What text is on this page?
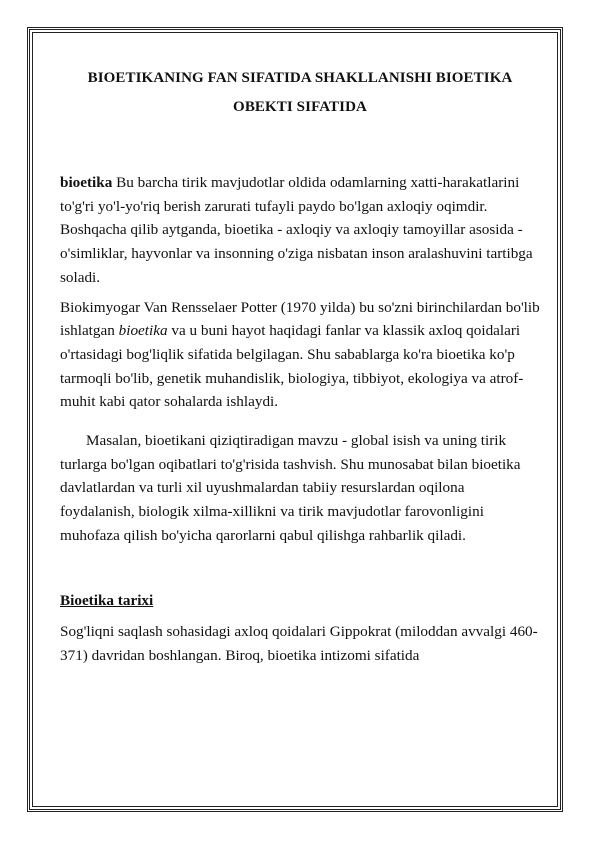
BIOETIKANING FAN SIFATIDA SHAKLLANISHI BIOETIKA OBEKTI SIFATIDA

bioetika Bu barcha tirik mavjudotlar oldida odamlarning xatti-harakatlarini to'g'ri yo'l-yo'riq berish zarurati tufayli paydo bo'lgan axloqiy oqimdir. Boshqacha qilib aytganda, bioetika - axloqiy va axloqiy tamoyillar asosida - o'simliklar, hayvonlar va insonning o'ziga nisbatan inson aralashuvini tartibga soladi.

Biokimyogar Van Rensselaer Potter (1970 yilda) bu so'zni birinchilardan bo'lib ishlatgan bioetika va u buni hayot haqidagi fanlar va klassik axloq qoidalari o'rtasidagi bog'liqlik sifatida belgilagan. Shu sabablarga ko'ra bioetika ko'p tarmoqli bo'lib, genetik muhandislik, biologiya, tibbiyot, ekologiya va atrof-muhit kabi qator sohalarda ishlaydi.

Masalan, bioetikani qiziqtiradigan mavzu - global isish va uning tirik turlarga bo'lgan oqibatlari to'g'risida tashvish. Shu munosabat bilan bioetika davlatlardan va turli xil uyushmalardan tabiiy resurslardan oqilona foydalanish, biologik xilma-xillikni va tirik mavjudotlar farovonligini muhofaza qilish bo'yicha qarorlarni qabul qilishga rahbarlik qiladi.

Bioetika tarixi

Sog'liqni saqlash sohasidagi axloq qoidalari Gippokrat (miloddan avvalgi 460-371) davridan boshlangan. Biroq, bioetika intizomi sifatida
